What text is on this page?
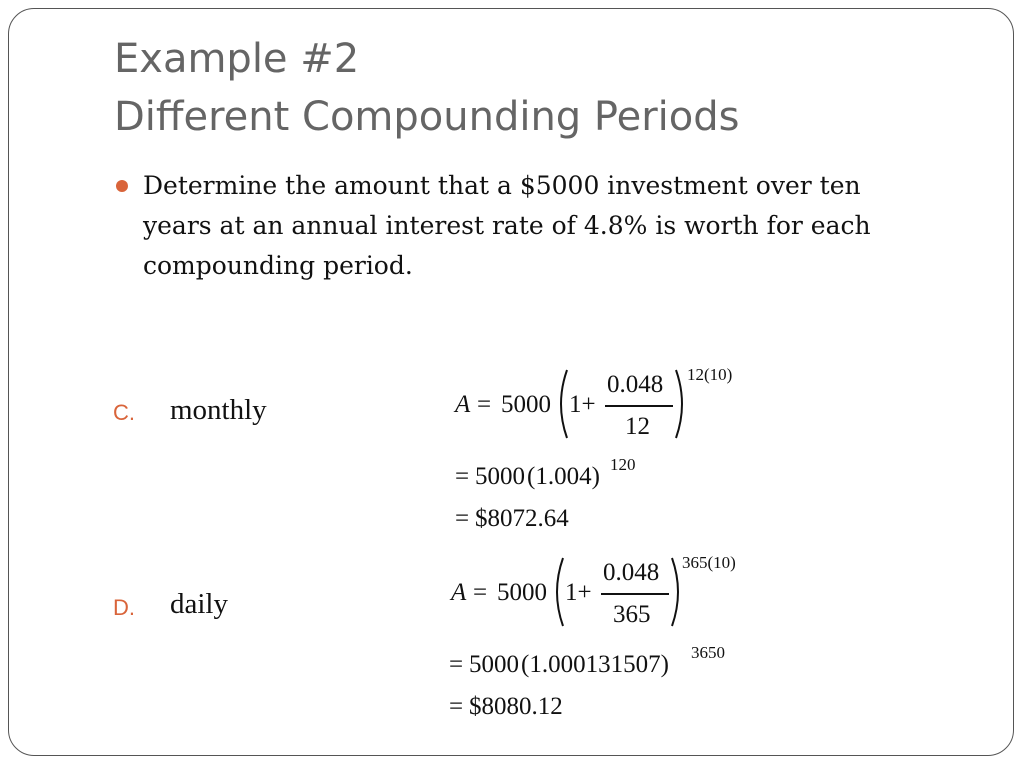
Example #2
Different Compounding Periods

Determine the amount that a $5000 investment over ten years at an annual interest rate of 4.8% is worth for each compounding period.

C. monthly	A = 5000 1+
0.048
12
12(10)
= 5000 (1.004) 120
= $8072.64
D. daily	A = 5000 1+
0.048
365
365(10)
= 5000 (1.000131507) 3650
= $8080.12
